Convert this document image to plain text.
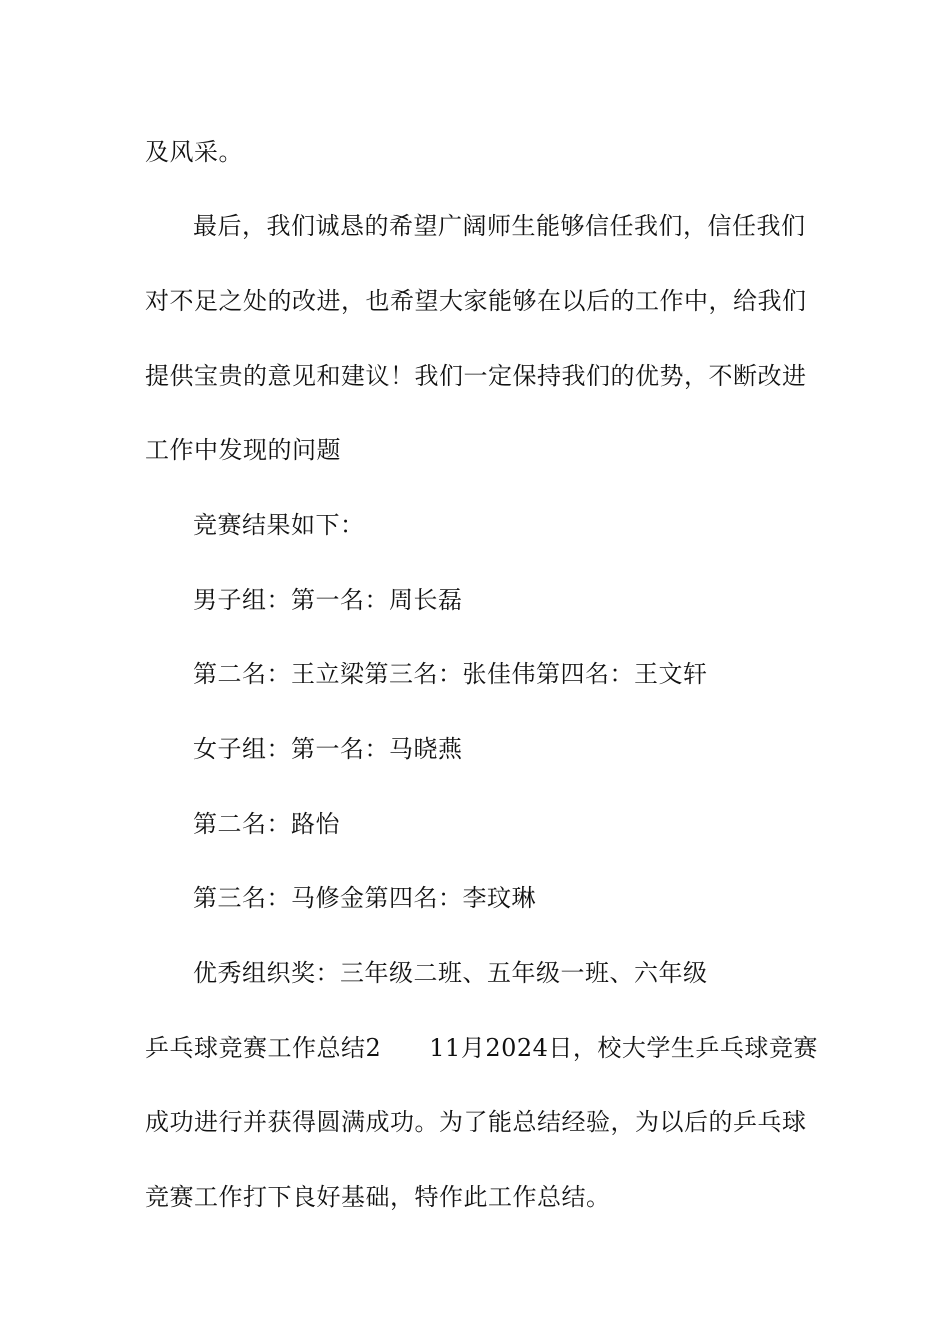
及风采。
最后，我们诚恳的希望广阔师生能够信任我们，信任我们
对不足之处的改进，也希望大家能够在以后的工作中，给我们
提供宝贵的意见和建议！我们一定保持我们的优势，不断改进
工作中发现的问题
竞赛结果如下：
男子组：第一名：周长磊
第二名：王立梁第三名：张佳伟第四名：王文轩
女子组：第一名：马晓燕
第二名：路怡
第三名：马修金第四名：李玟琳
优秀组织奖：三年级二班、五年级一班、六年级
乒乓球竞赛工作总结2 11月2024日，校大学生乒乓球竞赛
成功进行并获得圆满成功。为了能总结经验，为以后的乒乓球
竞赛工作打下良好基础，特作此工作总结。
